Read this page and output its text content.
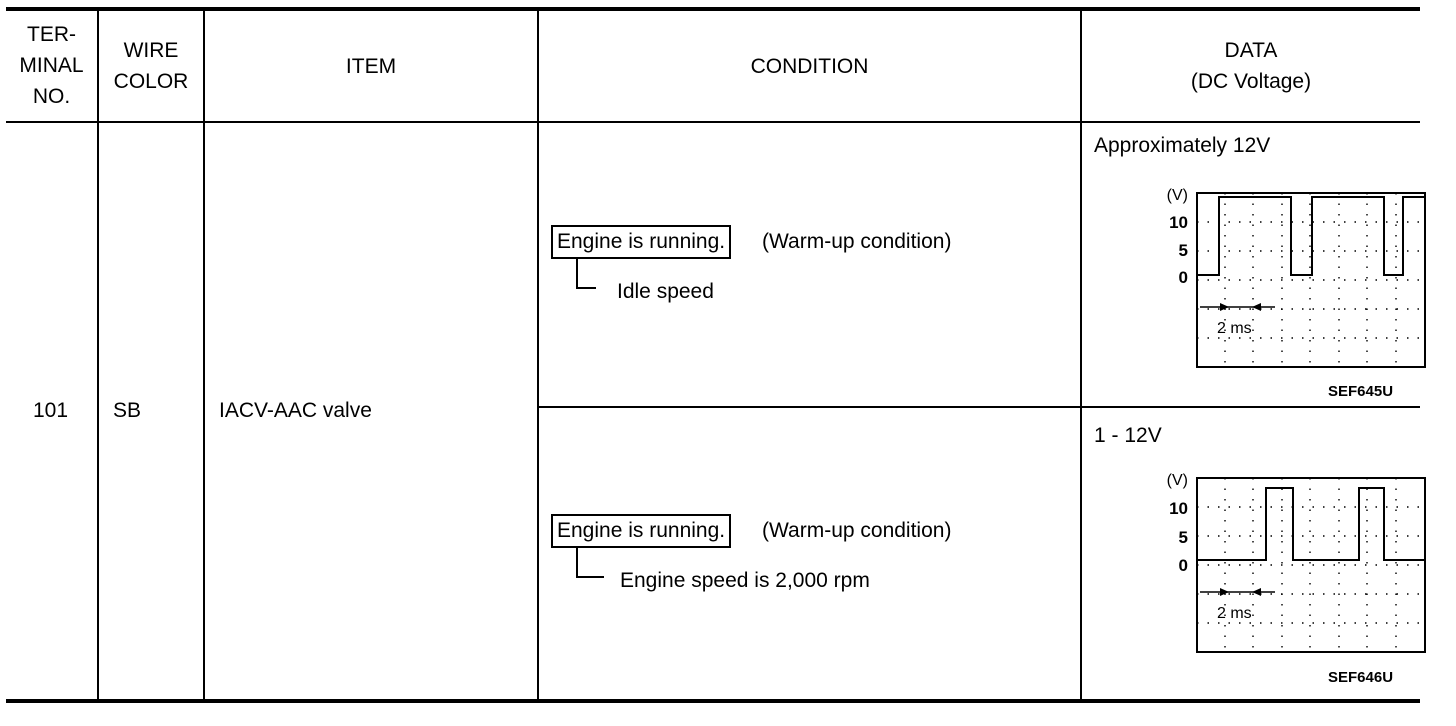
TER-
MINAL
NO.
WIRE
COLOR
ITEM	CONDITION
DATA
(DC Voltage)
101 SB	IACV-AAC valve
Engine is running. (Warm-up condition)
Idle speed
Engine is running. (Warm-up condition)
Engine speed is 2,000 rpm
Approximately 12V
(V)
10
5
0
2 ms
SEF645U
1 - 12V
(V)
10
5
0
2 ms
SEF646U
